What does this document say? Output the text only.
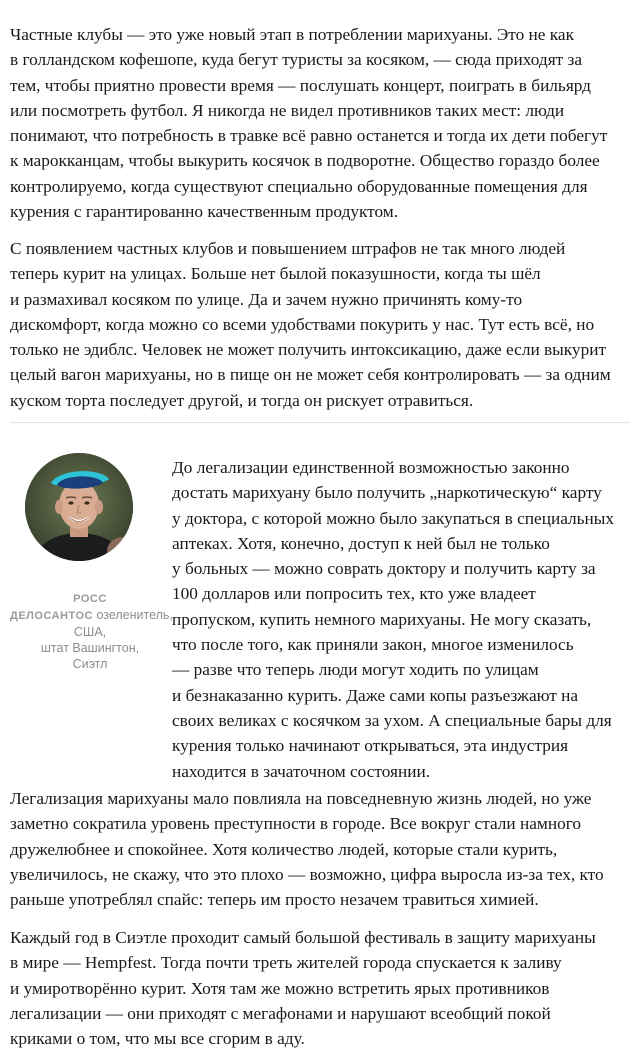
Частные клубы — это уже новый этап в потреблении марихуаны. Это не как
в голландском кофешопе, куда бегут туристы за косяком, — сюда приходят за
тем, чтобы приятно провести время — послушать концерт, поиграть в бильярд
или посмотреть футбол. Я никогда не видел противников таких мест: люди
понимают, что потребность в травке всё равно останется и тогда их дети побегут
к марокканцам, чтобы выкурить косячок в подворотне. Общество гораздо более
контролируемо, когда существуют специально оборудованные помещения для
курения с гарантированно качественным продуктом.

С появлением частных клубов и повышением штрафов не так много людей
теперь курит на улицах. Больше нет былой показушности, когда ты шёл
и размахивал косяком по улице. Да и зачем нужно причинять кому-то
дискомфорт, когда можно со всеми удобствами покурить у нас. Тут есть всё, но
только не эдиблс. Человек не может получить интоксикацию, даже если выкурит
целый вагон марихуаны, но в пище он не может себя контролировать — за одним
куском торта последует другой, и тогда он рискует отравиться.

РОСС
ДЕЛОСАНТОС озеленитель,
США,
штат Вашингтон,
Сиэтл

До легализации единственной возможностью законно
достать марихуану было получить „наркотическую“ карту
у доктора, с которой можно было закупаться в специальных
аптеках. Хотя, конечно, доступ к ней был не только
у больных — можно соврать доктору и получить карту за
100 долларов или попросить тех, кто уже владеет
пропуском, купить немного марихуаны. Не могу сказать,
что после того, как приняли закон, многое изменилось
— разве что теперь люди могут ходить по улицам
и безнаказанно курить. Даже сами копы разъезжают на
своих великах с косячком за ухом. А специальные бары для
курения только начинают открываться, эта индустрия
находится в зачаточном состоянии.

Легализация марихуаны мало повлияла на повседневную жизнь людей, но уже
заметно сократила уровень преступности в городе. Все вокруг стали намного
дружелюбнее и спокойнее. Хотя количество людей, которые стали курить,
увеличилось, не скажу, что это плохо — возможно, цифра выросла из-за тех, кто
раньше употреблял спайс: теперь им просто незачем травиться химией.

Каждый год в Сиэтле проходит самый большой фестиваль в защиту марихуаны
в мире — Hempfest. Тогда почти треть жителей города спускается к заливу
и умиротворённо курит. Хотя там же можно встретить ярых противников
легализации — они приходят с мегафонами и нарушают всеобщий покой
криками о том, что мы все сгорим в аду.
